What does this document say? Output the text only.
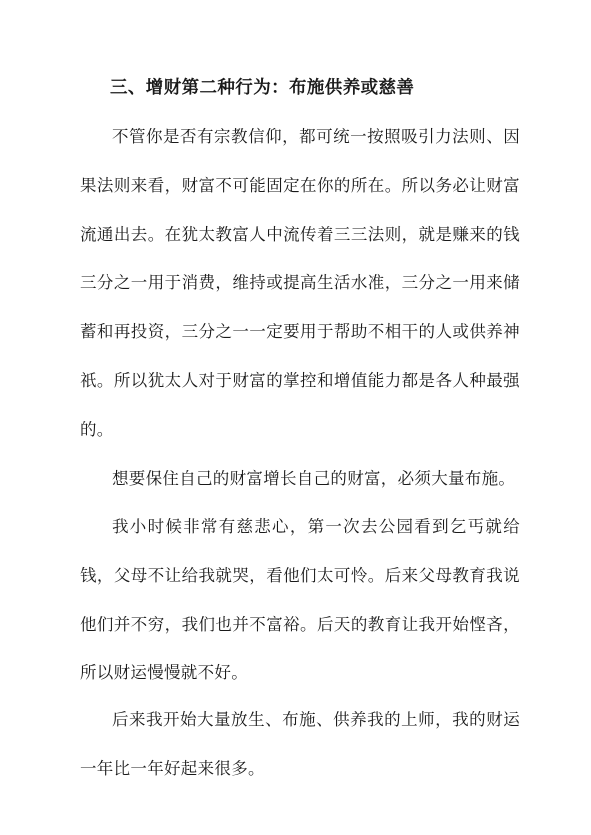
三、增财第二种行为：布施供养或慈善
不管你是否有宗教信仰，都可统一按照吸引力法则、因
果法则来看，财富不可能固定在你的所在。所以务必让财富
流通出去。在犹太教富人中流传着三三法则，就是赚来的钱
三分之一用于消费，维持或提高生活水准，三分之一用来储
蓄和再投资，三分之一一定要用于帮助不相干的人或供养神
祇。所以犹太人对于财富的掌控和增值能力都是各人种最强
的。
想要保住自己的财富增长自己的财富，必须大量布施。
我小时候非常有慈悲心，第一次去公园看到乞丐就给
钱，父母不让给我就哭，看他们太可怜。后来父母教育我说
他们并不穷，我们也并不富裕。后天的教育让我开始悭吝，
所以财运慢慢就不好。
后来我开始大量放生、布施、供养我的上师，我的财运
一年比一年好起来很多。
